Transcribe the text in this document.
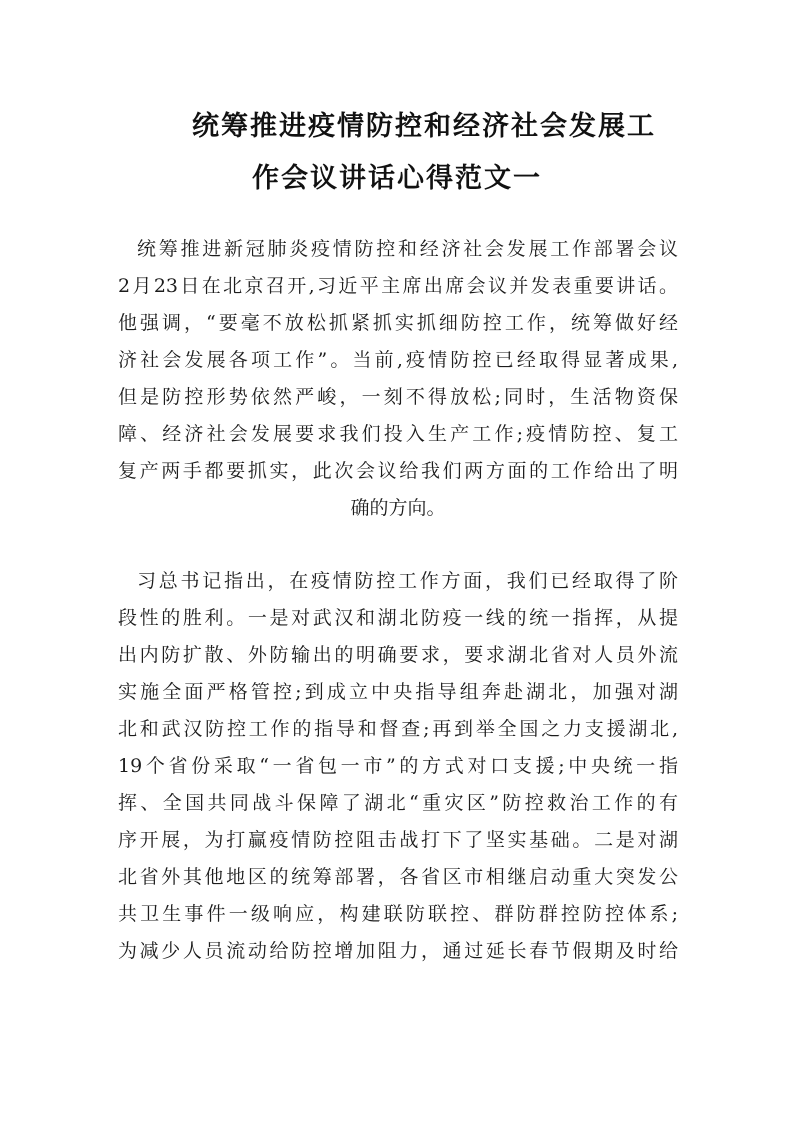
统筹推进疫情防控和经济社会发展工
作会议讲话心得范文一
统筹推进新冠肺炎疫情防控和经济社会发展工作部署会议
2月23日在北京召开,习近平主席出席会议并发表重要讲话。
他强调，“要毫不放松抓紧抓实抓细防控工作，统筹做好经
济社会发展各项工作”。当前,疫情防控已经取得显著成果,
但是防控形势依然严峻，一刻不得放松;同时，生活物资保
障、经济社会发展要求我们投入生产工作;疫情防控、复工
复产两手都要抓实，此次会议给我们两方面的工作给出了明
确的方向。
习总书记指出，在疫情防控工作方面，我们已经取得了阶
段性的胜利。一是对武汉和湖北防疫一线的统一指挥，从提
出内防扩散、外防输出的明确要求，要求湖北省对人员外流
实施全面严格管控;到成立中央指导组奔赴湖北，加强对湖
北和武汉防控工作的指导和督查;再到举全国之力支援湖北,
19个省份采取“一省包一市”的方式对口支援;中央统一指
挥、全国共同战斗保障了湖北“重灾区”防控救治工作的有
序开展，为打赢疫情防控阻击战打下了坚实基础。二是对湖
北省外其他地区的统筹部署，各省区市相继启动重大突发公
共卫生事件一级响应，构建联防联控、群防群控防控体系;
为减少人员流动给防控增加阻力，通过延长春节假期及时给
